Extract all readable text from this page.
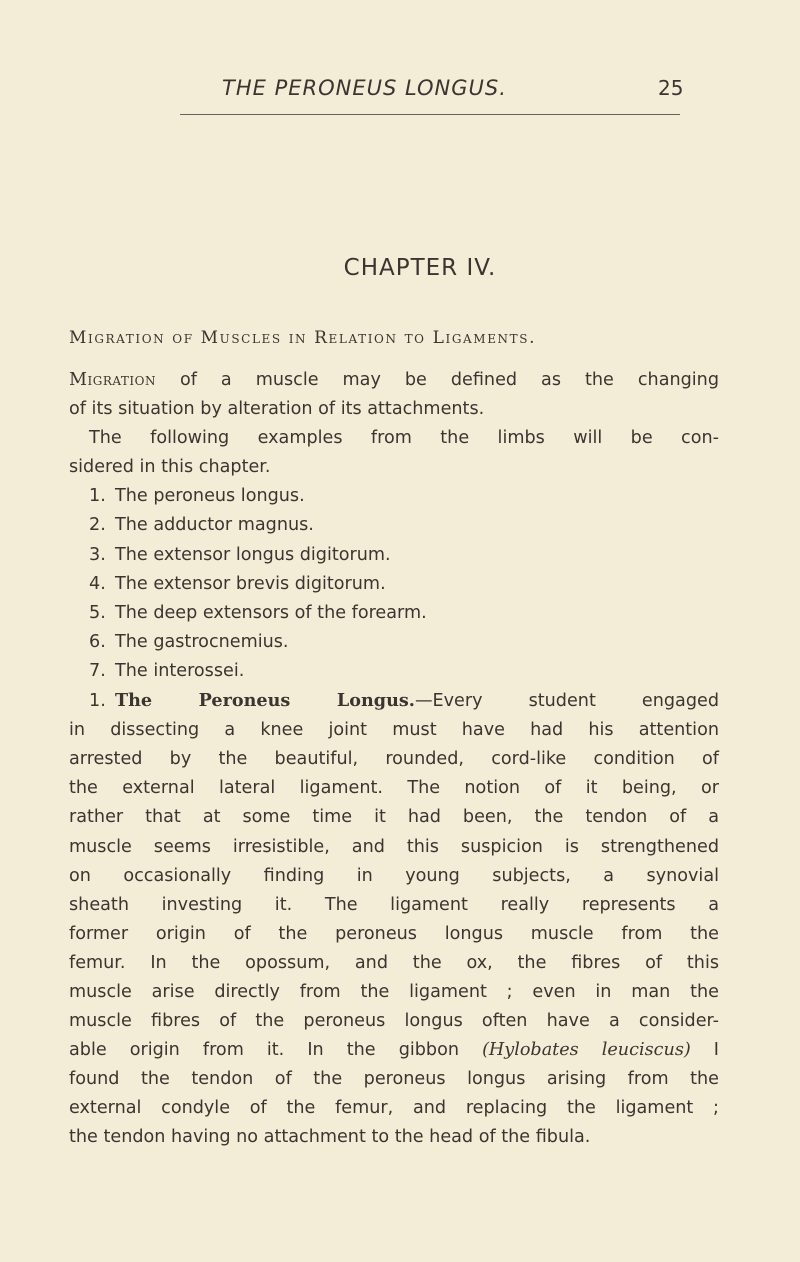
THE PERONEUS LONGUS.	25
CHAPTER IV.
Migration of Muscles in Relation to Ligaments.

Migration of a muscle may be defined as the changing
of its situation by alteration of its attachments.
The following examples from the limbs will be con-
sidered in this chapter.

1. The peroneus longus.
2. The adductor magnus.
3. The extensor longus digitorum.
4. The extensor brevis digitorum.
5. The deep extensors of the forearm.
6. The gastrocnemius.
7. The interossei.

1. The Peroneus Longus.—Every student engaged
in dissecting a knee joint must have had his attention
arrested by the beautiful, rounded, cord-like condition of
the external lateral ligament. The notion of it being, or
rather that at some time it had been, the tendon of a
muscle seems irresistible, and this suspicion is strengthened
on occasionally finding in young subjects, a synovial
sheath investing it. The ligament really represents a
former origin of the peroneus longus muscle from the
femur. In the opossum, and the ox, the fibres of this
muscle arise directly from the ligament ; even in man the
muscle fibres of the peroneus longus often have a consider-
able origin from it. In the gibbon (Hylobates leuciscus) I
found the tendon of the peroneus longus arising from the
external condyle of the femur, and replacing the ligament ;
the tendon having no attachment to the head of the fibula.
